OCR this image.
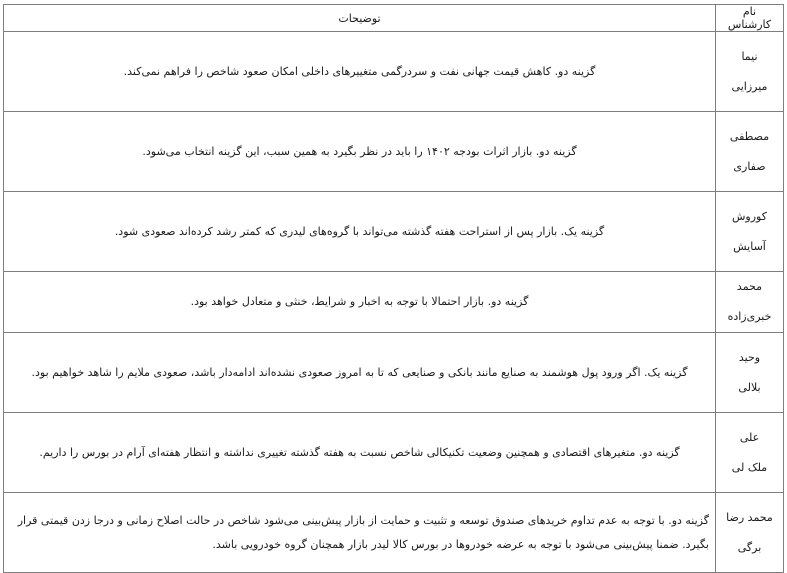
نام کارشناس	توضیحات

نیما
میرزایی	گزینه دو. کاهش قیمت جهانی نفت و سردرگمی متغییرهای داخلی امکان صعود شاخص را فراهم نمی‌کند.

مصطفی
صفاری	گزینه دو. بازار اثرات بودجه ۱۴۰۲ را باید در نظر بگیرد به همین سبب، این گزینه انتخاب می‌شود.

کوروش
آسایش	گزینه یک. بازار پس از استراحت هفته گذشته می‌تواند با گروه‌های لیدری که کمتر رشد کرده‌اند صعودی شود.

محمد خبری‌زاده	گزینه دو. بازار احتمالا با توجه به اخبار و شرایط، خنثی و متعادل خواهد بود.

وحید
بلالی	گزینه یک. اگر ورود پول هوشمند به صنایع مانند بانکی و صنایعی که تا به امروز صعودی نشده‌اند ادامه‌دار باشد، صعودی ملایم را شاهد خواهیم بود.

علی
ملک لی	گزینه دو. متغیرهای اقتصادی و همچنین وضعیت تکنیکالی شاخص نسبت به هفته گذشته تغییری نداشته و انتظار هفته‌ای آرام در بورس را داریم.

محمد رضا
برگی	گزینه دو. با توجه به عدم تداوم خریدهای صندوق توسعه و تثبیت و حمایت از بازار پیش‌بینی می‌شود شاخص در حالت اصلاح زمانی و درجا زدن قیمتی قرار بگیرد. ضمنا پیش‌بینی می‌شود با توجه به عرضه خودروها در بورس کالا لیدر بازار همچنان گروه خودرویی باشد.
